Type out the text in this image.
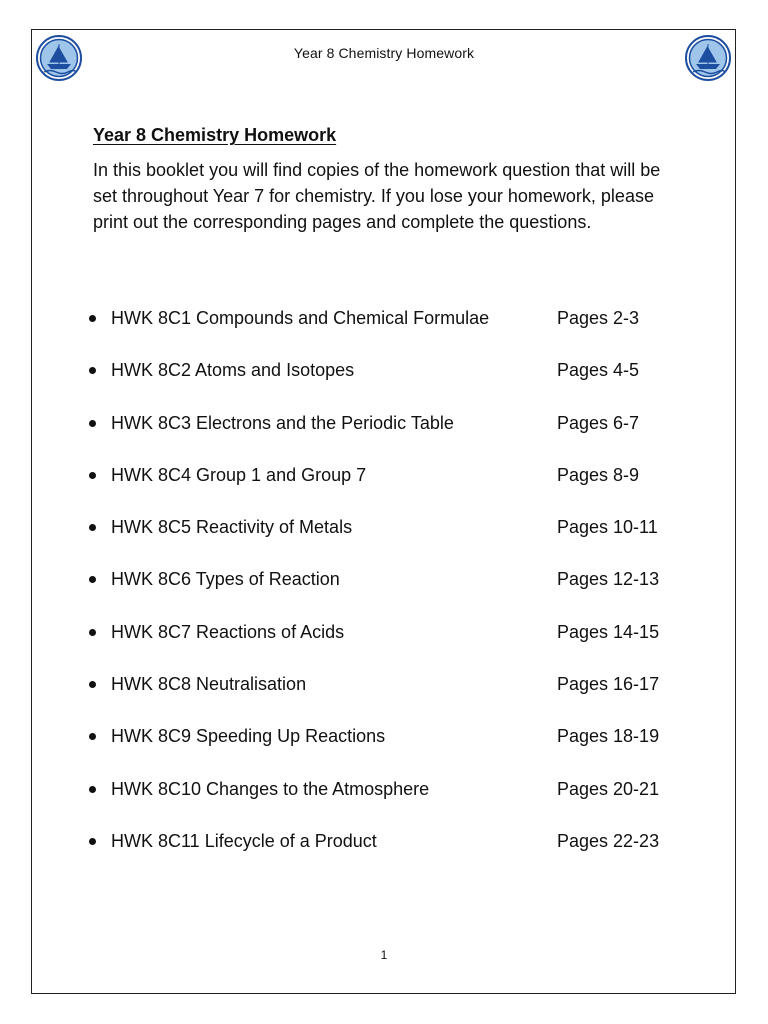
Year 8 Chemistry Homework
Year 8 Chemistry Homework
In this booklet you will find copies of the homework question that will be set throughout Year 7 for chemistry. If you lose your homework, please print out the corresponding pages and complete the questions.
HWK 8C1 Compounds and Chemical Formulae	Pages 2-3
HWK 8C2 Atoms and Isotopes	Pages 4-5
HWK 8C3 Electrons and the Periodic Table	Pages 6-7
HWK 8C4 Group 1 and Group 7	Pages 8-9
HWK 8C5 Reactivity of Metals	Pages 10-11
HWK 8C6 Types of Reaction	Pages 12-13
HWK 8C7 Reactions of Acids	Pages 14-15
HWK 8C8 Neutralisation	Pages 16-17
HWK 8C9 Speeding Up Reactions	Pages 18-19
HWK 8C10 Changes to the Atmosphere	Pages 20-21
HWK 8C11 Lifecycle of a Product	Pages 22-23
1
